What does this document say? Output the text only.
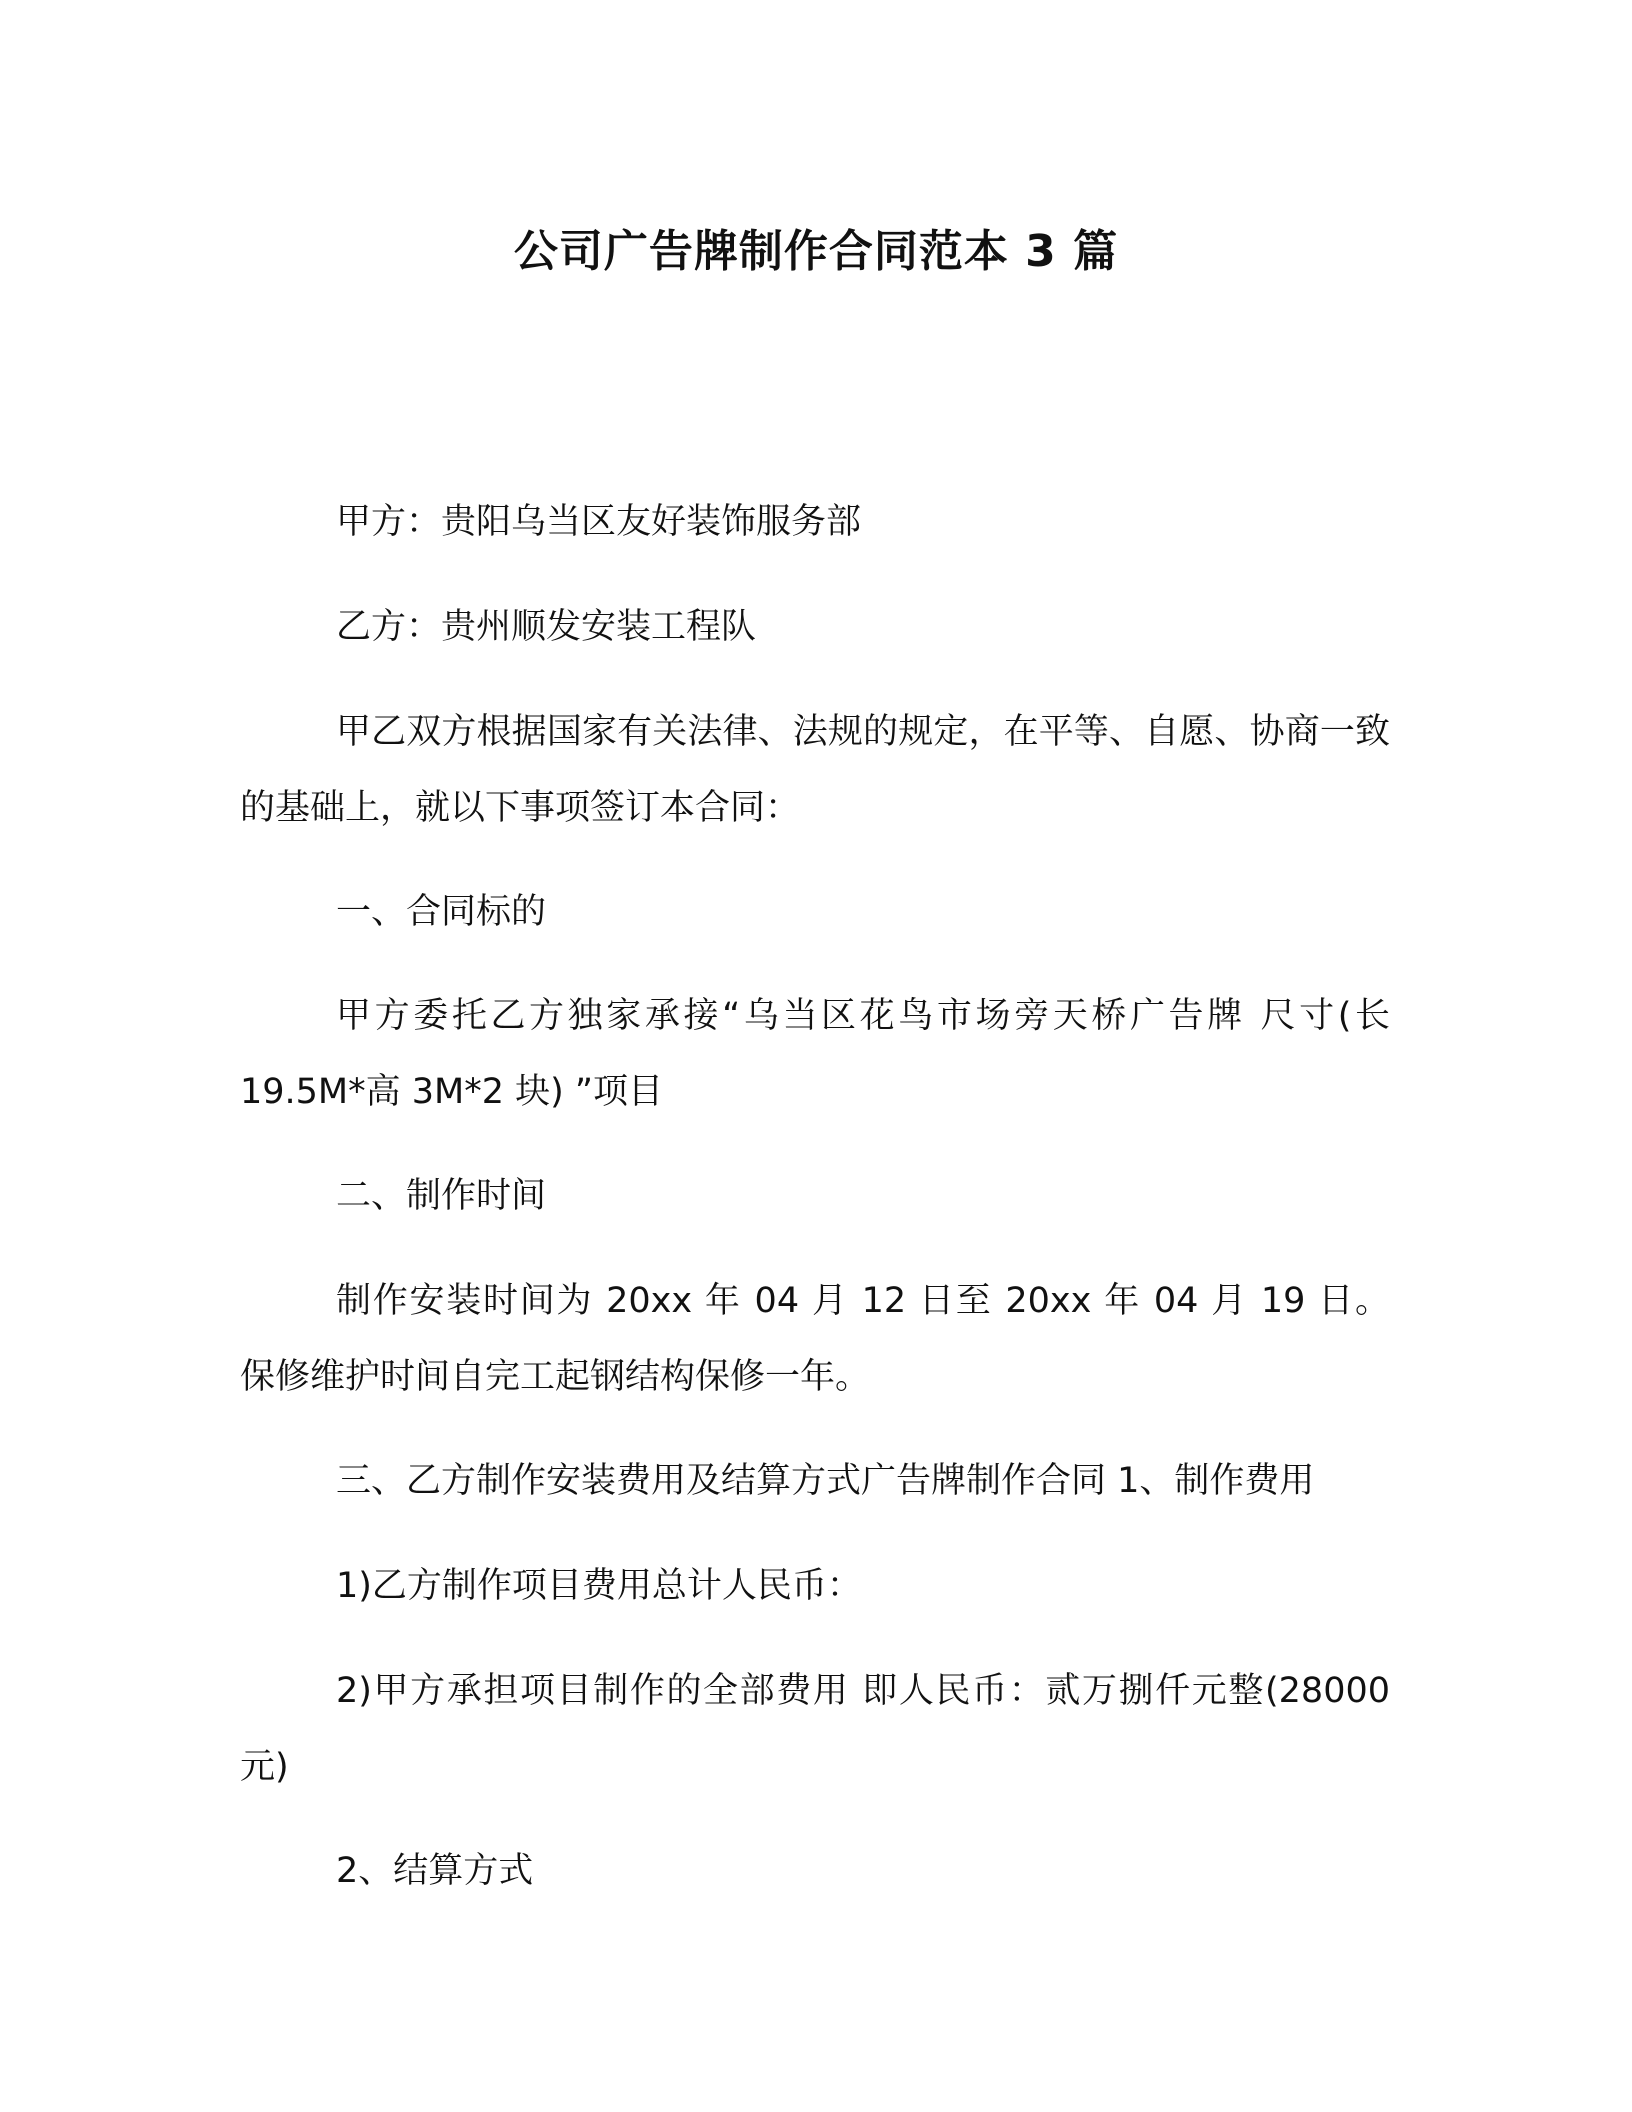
公司广告牌制作合同范本 3 篇

甲方：贵阳乌当区友好装饰服务部

乙方：贵州顺发安装工程队

甲乙双方根据国家有关法律、法规的规定，在平等、自愿、协商一致的基础上，就以下事项签订本合同：

一、合同标的

甲方委托乙方独家承接“乌当区花鸟市场旁天桥广告牌 尺寸(长 19.5M*高 3M*2 块) ”项目

二、制作时间

制作安装时间为 20xx 年 04 月 12 日至 20xx 年 04 月 19 日。 保修维护时间自完工起钢结构保修一年。

三、乙方制作安装费用及结算方式广告牌制作合同 1、制作费用

1)乙方制作项目费用总计人民币：

2)甲方承担项目制作的全部费用 即人民币：贰万捌仟元整(28000 元)

2、结算方式
